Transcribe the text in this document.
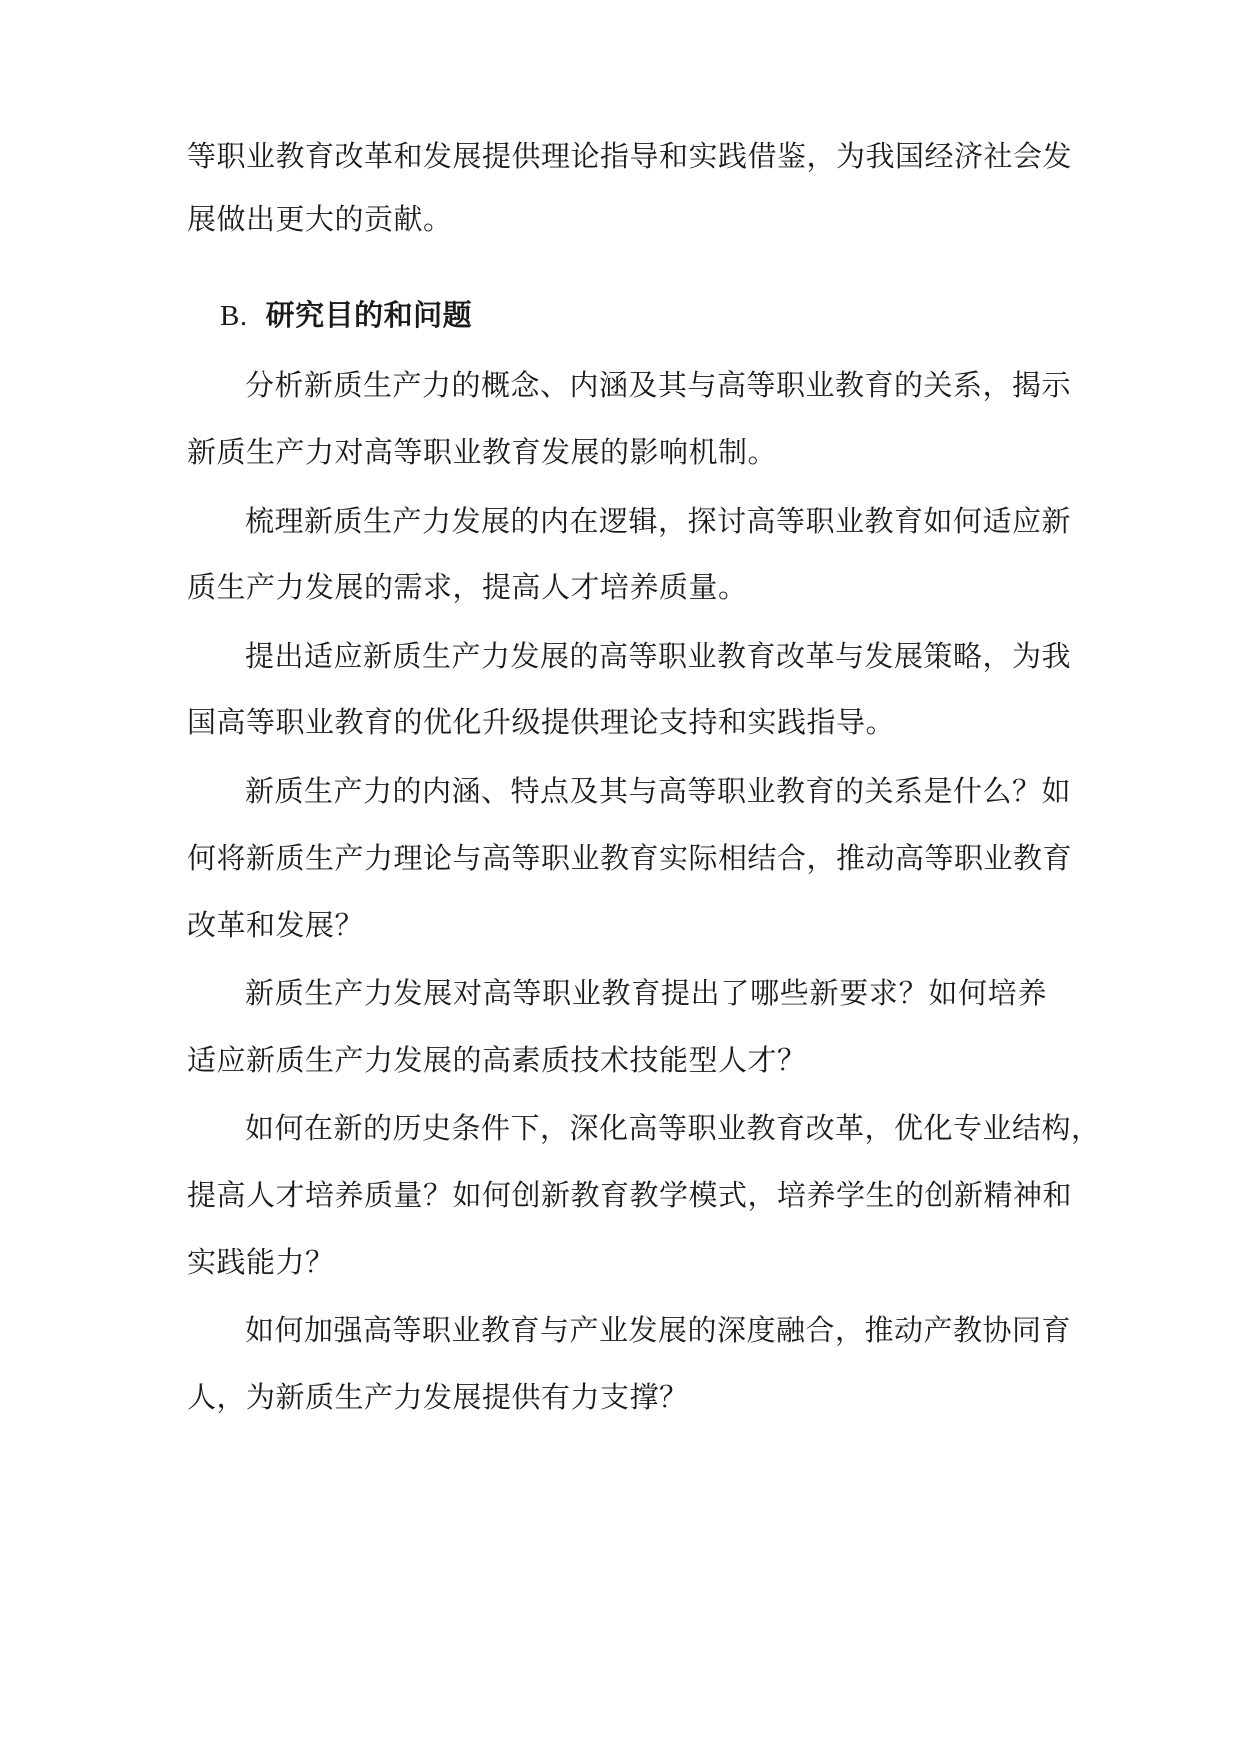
等职业教育改革和发展提供理论指导和实践借鉴，为我国经济社会发
展做出更大的贡献。
B. 研究目的和问题
分析新质生产力的概念、内涵及其与高等职业教育的关系，揭示
新质生产力对高等职业教育发展的影响机制。
梳理新质生产力发展的内在逻辑，探讨高等职业教育如何适应新
质生产力发展的需求，提高人才培养质量。
提出适应新质生产力发展的高等职业教育改革与发展策略，为我
国高等职业教育的优化升级提供理论支持和实践指导。
新质生产力的内涵、特点及其与高等职业教育的关系是什么？如
何将新质生产力理论与高等职业教育实际相结合，推动高等职业教育
改革和发展？
新质生产力发展对高等职业教育提出了哪些新要求？如何培养
适应新质生产力发展的高素质技术技能型人才？
如何在新的历史条件下，深化高等职业教育改革，优化专业结构，
提高人才培养质量？如何创新教育教学模式，培养学生的创新精神和
实践能力？
如何加强高等职业教育与产业发展的深度融合，推动产教协同育
人，为新质生产力发展提供有力支撑？
